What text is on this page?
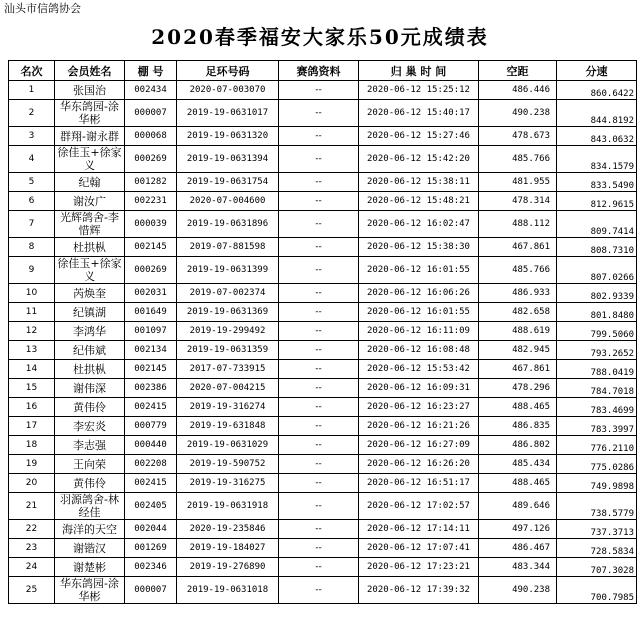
汕头市信鸽协会
2020春季福安大家乐50元成绩表
名次	会员姓名	棚 号	足环号码	赛鸽资料	归 巢 时 间	空距	分速
1	张国治	002434	2020-07-003070	--	2020-06-12 15:25:12	486.446	860.6422
2	华东鸽园-涂华彬	000007	2019-19-0631017	--	2020-06-12 15:40:17	490.238	844.8192
3	群翔-谢永群	000068	2019-19-0631320	--	2020-06-12 15:27:46	478.673	843.0632
4	徐佳玉+徐家义	000269	2019-19-0631394	--	2020-06-12 15:42:20	485.766	834.1579
5	纪翰	001282	2019-19-0631754	--	2020-06-12 15:38:11	481.955	833.5490
6	谢汝广	002231	2020-07-004600	--	2020-06-12 15:48:21	478.314	812.9615
7	光辉鸽舍-李惜辉	000039	2019-19-0631896	--	2020-06-12 16:02:47	488.112	809.7414
8	杜拱枞	002145	2019-07-881598	--	2020-06-12 15:38:30	467.861	808.7310
9	徐佳玉+徐家义	000269	2019-19-0631399	--	2020-06-12 16:01:55	485.766	807.0266
10	芮焕奎	002031	2019-07-002374	--	2020-06-12 16:06:26	486.933	802.9339
11	纪镇湖	001649	2019-19-0631369	--	2020-06-12 16:01:55	482.658	801.8480
12	李鸿华	001097	2019-19-299492	--	2020-06-12 16:11:09	488.619	799.5060
13	纪伟斌	002134	2019-19-0631359	--	2020-06-12 16:08:48	482.945	793.2652
14	杜拱枞	002145	2017-07-733915	--	2020-06-12 15:53:42	467.861	788.0419
15	谢伟深	002386	2020-07-004215	--	2020-06-12 16:09:31	478.296	784.7018
16	黄伟伶	002415	2019-19-316274	--	2020-06-12 16:23:27	488.465	783.4699
17	李宏炎	000779	2019-19-631848	--	2020-06-12 16:21:26	486.835	783.3997
18	李志强	000440	2019-19-0631029	--	2020-06-12 16:27:09	486.802	776.2110
19	王向荣	002208	2019-19-590752	--	2020-06-12 16:26:20	485.434	775.0286
20	黄伟伶	002415	2019-19-316275	--	2020-06-12 16:51:17	488.465	749.9898
21	羽源鸽舍-林经佳	002405	2019-19-0631918	--	2020-06-12 17:02:57	489.646	738.5779
22	海洋的天空	002044	2020-19-235846	--	2020-06-12 17:14:11	497.126	737.3713
23	谢锴汉	001269	2019-19-184027	--	2020-06-12 17:07:41	486.467	728.5834
24	谢楚彬	002346	2019-19-276890	--	2020-06-12 17:23:21	483.344	707.3028
25	华东鸽园-涂华彬	000007	2019-19-0631018	--	2020-06-12 17:39:32	490.238	700.7985
